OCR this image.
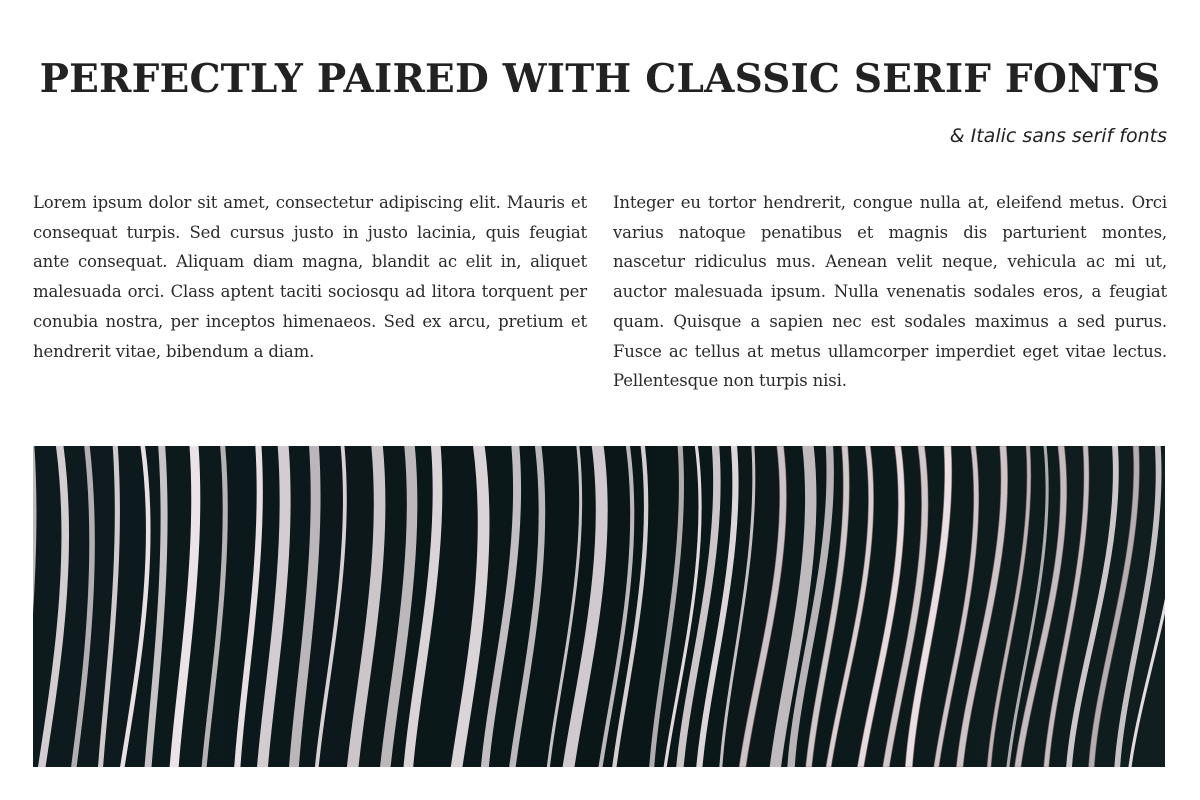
PERFECTLY PAIRED WITH CLASSIC SERIF FONTS

& Italic sans serif fonts

Lorem ipsum dolor sit amet, consectetur adipiscing elit. Mauris et consequat turpis. Sed cursus justo in justo lacinia, quis feugiat ante consequat. Aliquam diam magna, blandit ac elit in, aliquet malesuada orci. Class aptent taciti sociosqu ad litora torquent per conubia nostra, per inceptos himenaeos. Sed ex arcu, pretium et hendrerit vitae, bibendum a diam.

Integer eu tortor hendrerit, congue nulla at, eleifend metus. Orci varius natoque penatibus et magnis dis parturient montes, nascetur ridiculus mus. Aenean velit neque, vehicula ac mi ut, auctor malesuada ipsum. Nulla venenatis sodales eros, a feugiat quam. Quisque a sapien nec est sodales maximus a sed purus. Fusce ac tellus at metus ullamcorper imperdiet eget vitae lectus. Pellentesque non turpis nisi.
